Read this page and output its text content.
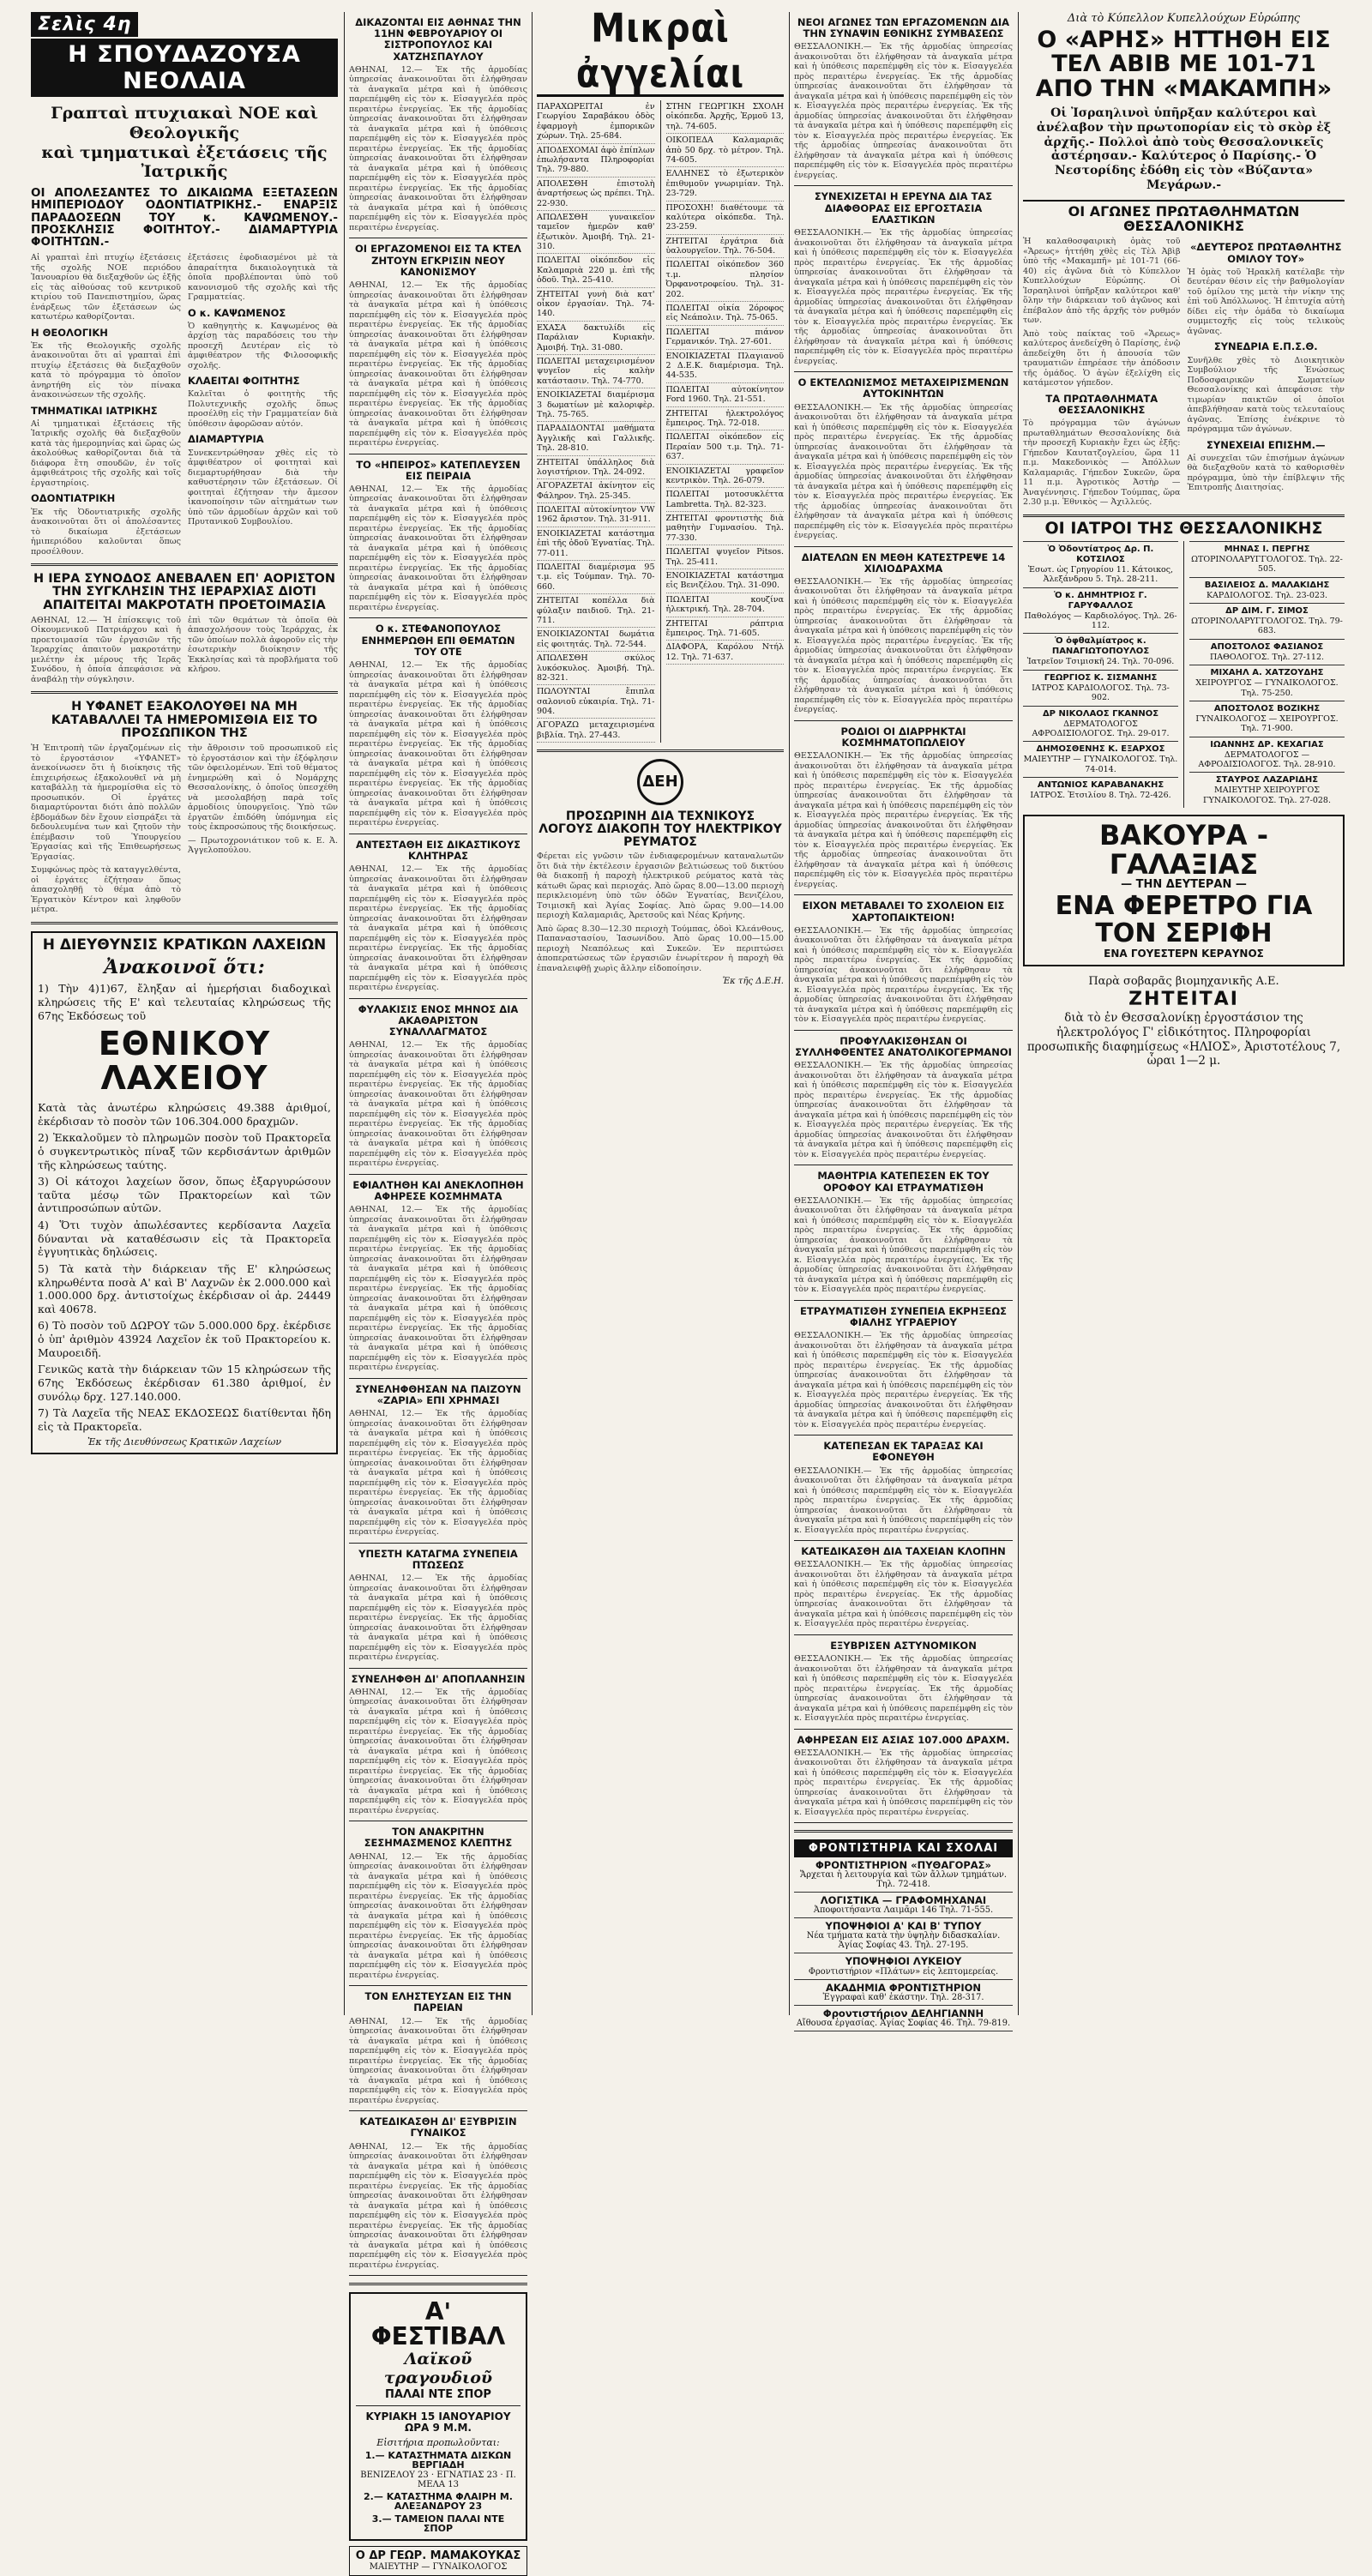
Σελὶς 4η
Η ΣΠΟΥΔΑΖΟΥΣΑ ΝΕΟΛΑΙΑ
Γραπταὶ πτυχιακαὶ ΝΟΕ καὶ Θεολογικῆς
καὶ τμηματικαὶ ἐξετάσεις τῆς Ἰατρικῆς
ΟΙ ΑΠΟΛΕΣΑΝΤΕΣ ΤΟ ΔΙΚΑΙΩΜΑ ΕΞΕΤΑΣΕΩΝ ΗΜΙΠΕΡΙΟΔΟΥ ΟΔΟΝΤΙΑΤΡΙΚΗΣ.- ΕΝΑΡΞΙΣ ΠΑΡΑΔΟΣΕΩΝ ΤΟΥ κ. ΚΑΨΩΜΕΝΟΥ.- ΠΡΟΣΚΛΗΣΙΣ ΦΟΙΤΗΤΟΥ.- ΔΙΑΜΑΡΤΥΡΙΑ ΦΟΙΤΗΤΩΝ.-
Αἱ γραπταὶ ἐπὶ πτυχίῳ ἐξετάσεις τῆς σχολῆς ΝΟΕ περιόδου Ἰανουαρίου θὰ διεξαχθοῦν ὡς ἑξῆς εἰς τὰς αἰθούσας τοῦ κεντρικοῦ κτιρίου τοῦ Πανεπιστημίου, ὥρας ἐνάρξεως τῶν ἐξετάσεων ὡς κατωτέρω καθορίζονται.
Η ΘΕΟΛΟΓΙΚΗ
Ἐκ τῆς Θεολογικῆς σχολῆς ἀνακοινοῦται ὅτι αἱ γραπταὶ ἐπὶ πτυχίῳ ἐξετάσεις θὰ διεξαχθοῦν κατὰ τὸ πρόγραμμα τὸ ὁποῖον ἀνηρτήθη εἰς τὸν πίνακα ἀνακοινώσεων τῆς σχολῆς.
ΤΜΗΜΑΤΙΚΑΙ ΙΑΤΡΙΚΗΣ
Αἱ τμηματικαὶ ἐξετάσεις τῆς Ἰατρικῆς σχολῆς θὰ διεξαχθοῦν κατὰ τὰς ἡμερομηνίας καὶ ὥρας ὡς ἀκολούθως καθορίζονται διὰ τὰ διάφορα ἔτη σπουδῶν, ἐν τοῖς ἀμφιθεάτροις τῆς σχολῆς καὶ τοῖς ἐργαστηρίοις.
ΟΔΟΝΤΙΑΤΡΙΚΗ
Ἐκ τῆς Ὀδοντιατρικῆς σχολῆς ἀνακοινοῦται ὅτι οἱ ἀπολέσαντες τὸ δικαίωμα ἐξετάσεων ἡμιπεριόδου καλοῦνται ὅπως προσέλθουν.
ἐξετάσεις ἐφοδιασμένοι μὲ τὰ ἀπαραίτητα δικαιολογητικὰ τὰ ὁποῖα προβλέπονται ὑπὸ τοῦ κανονισμοῦ τῆς σχολῆς καὶ τῆς Γραμματείας.
Ο κ. ΚΑΨΩΜΕΝΟΣ
Ὁ καθηγητὴς κ. Καψωμένος θὰ ἀρχίσῃ τὰς παραδόσεις του τὴν προσεχῆ Δευτέραν εἰς τὸ ἀμφιθέατρον τῆς Φιλοσοφικῆς σχολῆς.
ΚΛΑΕΙΤΑΙ ΦΟΙΤΗΤΗΣ
Καλεῖται ὁ φοιτητὴς τῆς Πολυτεχνικῆς σχολῆς ὅπως προσέλθῃ εἰς τὴν Γραμματείαν διὰ ὑπόθεσιν ἀφορῶσαν αὐτόν.
ΔΙΑΜΑΡΤΥΡΙΑ
Συνεκεντρώθησαν χθὲς εἰς τὸ ἀμφιθέατρον οἱ φοιτηταὶ καὶ διεμαρτυρήθησαν διὰ τὴν καθυστέρησιν τῶν ἐξετάσεων. Οἱ φοιτηταὶ ἐζήτησαν τὴν ἄμεσον ἱκανοποίησιν τῶν αἰτημάτων των ὑπὸ τῶν ἁρμοδίων ἀρχῶν καὶ τοῦ Πρυτανικοῦ Συμβουλίου.
Η ΙΕΡΑ ΣΥΝΟΔΟΣ ΑΝΕΒΑΛΕΝ ΕΠ' ΑΟΡΙΣΤΟΝ ΤΗΝ ΣΥΓΚΛΗΣΙΝ ΤΗΣ ΙΕΡΑΡΧΙΑΣ ΔΙΟΤΙ ΑΠΑΙΤΕΙΤΑΙ ΜΑΚΡΟΤΑΤΗ ΠΡΟΕΤΟΙΜΑΣΙΑ
ΑΘΗΝΑΙ, 12.— Ἡ ἐπίσκεψις τοῦ Οἰκουμενικοῦ Πατριάρχου καὶ ἡ προετοιμασία τῶν ἐργασιῶν τῆς Ἱεραρχίας ἀπαιτοῦν μακροτάτην μελέτην ἐκ μέρους τῆς Ἱερᾶς Συνόδου, ἡ ὁποία ἀπεφάσισε νὰ ἀναβάλῃ τὴν σύγκλησιν.
ἐπὶ τῶν θεμάτων τὰ ὁποῖα θὰ ἀπασχολήσουν τοὺς Ἱεράρχας, ἐκ τῶν ὁποίων πολλὰ ἀφοροῦν εἰς τὴν ἐσωτερικὴν διοίκησιν τῆς Ἐκκλησίας καὶ τὰ προβλήματα τοῦ κλήρου.
Η ΥΦΑΝΕΤ ΕΞΑΚΟΛΟΥΘΕΙ ΝΑ ΜΗ ΚΑΤΑΒΑΛΛΕΙ ΤΑ ΗΜΕΡΟΜΙΣΘΙΑ ΕΙΣ ΤΟ ΠΡΟΣΩΠΙΚΟΝ ΤΗΣ
Ἡ Ἐπιτροπὴ τῶν ἐργαζομένων εἰς τὸ ἐργοστάσιον «ΥΦΑΝΕΤ» ἀνεκοίνωσεν ὅτι ἡ διοίκησις τῆς ἐπιχειρήσεως ἐξακολουθεῖ νὰ μὴ καταβάλλῃ τὰ ἡμερομίσθια εἰς τὸ προσωπικόν. Οἱ ἐργάτες διαμαρτύρονται διότι ἀπὸ πολλῶν ἑβδομάδων δὲν ἔχουν εἰσπράξει τὰ δεδουλευμένα των καὶ ζητοῦν τὴν ἐπέμβασιν τοῦ Ὑπουργείου Ἐργασίας καὶ τῆς Ἐπιθεωρήσεως Ἐργασίας.
Συμφώνως πρὸς τὰ καταγγελθέντα, οἱ ἐργάτες ἐζήτησαν ὅπως ἀπασχοληθῇ τὸ θέμα ἀπὸ τὸ Ἐργατικὸν Κέντρον καὶ ληφθοῦν μέτρα.
τὴν ἄθροισιν τοῦ προσωπικοῦ εἰς τὸ ἐργοστάσιον καὶ τὴν ἐξόφλησιν τῶν ὀφειλομένων. Ἐπὶ τοῦ θέματος ἐνημερώθη καὶ ὁ Νομάρχης Θεσσαλονίκης, ὁ ὁποῖος ὑπεσχέθη νὰ μεσολαβήσῃ παρὰ τοῖς ἁρμοδίοις ὑπουργεῖοις. Ὑπὸ τῶν ἐργατῶν ἐπιδόθη ὑπόμνημα εἰς τοὺς ἐκπροσώπους τῆς διοικήσεως.
— Πρωτοχρονιάτικον τοῦ κ. Ε. Ἀ. Ἀγγελοπούλου.
Η ΔΙΕΥΘΥΝΣΙΣ ΚΡΑΤΙΚΩΝ ΛΑΧΕΙΩΝ
Ἀνακοινοῖ ὅτι:
1) Τὴν 4)1)67, ἔληξαν αἱ ἡμερήσιαι διαδοχικαὶ κληρώσεις τῆς Ε' καὶ τελευταίας κληρώσεως τῆς 67ης Ἐκδόσεως τοῦ
ΕΘΝΙΚΟΥ ΛΑΧΕΙΟΥ
Κατὰ τὰς ἀνωτέρω κληρώσεις 49.388 ἀριθμοί, ἐκέρδισαν τὸ ποσὸν τῶν 106.304.000 δραχμῶν.
2) Ἐκκαλοῦμεν τὸ πληρωμῶν ποσὸν τοῦ Πρακτορεῖα ὁ συγκεντρωτικὸς πίναξ τῶν κερδισάντων ἀριθμῶν τῆς κληρώσεως ταύτης.
3) Οἱ κάτοχοι λαχείων ὅσον, ὅπως ἐξαργυρώσουν ταῦτα μέσῳ τῶν Πρακτορείων καὶ τῶν ἀντιπροσώπων αὐτῶν.
4) Ὅτι τυχὸν ἀπωλέσαντες κερδίσαντα Λαχεῖα δύνανται νὰ καταθέσωσιν εἰς τὰ Πρακτορεῖα ἐγγυητικὰς δηλώσεις.
5) Τὰ κατὰ τὴν διάρκειαν τῆς Ε' κληρώσεως κληρωθέντα ποσὰ Α' καὶ Β' Λαχνῶν ἐκ 2.000.000 καὶ 1.000.000 δρχ. ἀντιστοίχως ἐκέρδισαν οἱ ἀρ. 24449 καὶ 40678.
6) Τὸ ποσὸν τοῦ ΔΩΡΟΥ τῶν 5.000.000 δρχ. ἐκέρδισε ὁ ὑπ' ἀριθμὸν 43924 Λαχεῖον ἐκ τοῦ Πρακτορείου κ. Μαυροειδῆ.
Γενικῶς κατὰ τὴν διάρκειαν τῶν 15 κληρώσεων τῆς 67ης Ἐκδόσεως ἐκέρδισαν 61.380 ἀριθμοί, ἐν συνόλῳ δρχ. 127.140.000.
7) Τὰ Λαχεῖα τῆς ΝΕΑΣ ΕΚΔΟΣΕΩΣ διατίθενται ἤδη εἰς τὰ Πρακτορεῖα.
Ἐκ τῆς Διευθύνσεως Κρατικῶν Λαχείων
ΔΙΚΑΖΟΝΤΑΙ ΕΙΣ ΑΘΗΝΑΣ ΤΗΝ 11ΗΝ ΦΕΒΡΟΥΑΡΙΟΥ ΟΙ ΣΙΣΤΡΟΠΟΥΛΟΣ ΚΑΙ ΧΑΤΖΗΣΠΑΥΛΟΥ
ΑΘΗΝΑΙ, 12.— Ἐκ τῆς ἀρμοδίας ὑπηρεσίας ἀνακοινοῦται ὅτι ἐλήφθησαν τὰ ἀναγκαῖα μέτρα καὶ ἡ ὑπόθεσις παρεπέμφθη εἰς τὸν κ. Εἰσαγγελέα πρὸς περαιτέρω ἐνεργείας. Ἐκ τῆς ἀρμοδίας ὑπηρεσίας ἀνακοινοῦται ὅτι ἐλήφθησαν τὰ ἀναγκαῖα μέτρα καὶ ἡ ὑπόθεσις παρεπέμφθη εἰς τὸν κ. Εἰσαγγελέα πρὸς περαιτέρω ἐνεργείας. Ἐκ τῆς ἀρμοδίας ὑπηρεσίας ἀνακοινοῦται ὅτι ἐλήφθησαν τὰ ἀναγκαῖα μέτρα καὶ ἡ ὑπόθεσις παρεπέμφθη εἰς τὸν κ. Εἰσαγγελέα πρὸς περαιτέρω ἐνεργείας. Ἐκ τῆς ἀρμοδίας ὑπηρεσίας ἀνακοινοῦται ὅτι ἐλήφθησαν τὰ ἀναγκαῖα μέτρα καὶ ἡ ὑπόθεσις παρεπέμφθη εἰς τὸν κ. Εἰσαγγελέα πρὸς περαιτέρω ἐνεργείας.
ΟΙ ΕΡΓΑΖΟΜΕΝΟΙ ΕΙΣ ΤΑ ΚΤΕΛ ΖΗΤΟΥΝ ΕΓΚΡΙΣΙΝ ΝΕΟΥ ΚΑΝΟΝΙΣΜΟΥ
ΑΘΗΝΑΙ, 12.— Ἐκ τῆς ἀρμοδίας ὑπηρεσίας ἀνακοινοῦται ὅτι ἐλήφθησαν τὰ ἀναγκαῖα μέτρα καὶ ἡ ὑπόθεσις παρεπέμφθη εἰς τὸν κ. Εἰσαγγελέα πρὸς περαιτέρω ἐνεργείας. Ἐκ τῆς ἀρμοδίας ὑπηρεσίας ἀνακοινοῦται ὅτι ἐλήφθησαν τὰ ἀναγκαῖα μέτρα καὶ ἡ ὑπόθεσις παρεπέμφθη εἰς τὸν κ. Εἰσαγγελέα πρὸς περαιτέρω ἐνεργείας. Ἐκ τῆς ἀρμοδίας ὑπηρεσίας ἀνακοινοῦται ὅτι ἐλήφθησαν τὰ ἀναγκαῖα μέτρα καὶ ἡ ὑπόθεσις παρεπέμφθη εἰς τὸν κ. Εἰσαγγελέα πρὸς περαιτέρω ἐνεργείας. Ἐκ τῆς ἀρμοδίας ὑπηρεσίας ἀνακοινοῦται ὅτι ἐλήφθησαν τὰ ἀναγκαῖα μέτρα καὶ ἡ ὑπόθεσις παρεπέμφθη εἰς τὸν κ. Εἰσαγγελέα πρὸς περαιτέρω ἐνεργείας.
ΤΟ «ΗΠΕΙΡΟΣ» ΚΑΤΕΠΛΕΥΣΕΝ ΕΙΣ ΠΕΙΡΑΙΑ
ΑΘΗΝΑΙ, 12.— Ἐκ τῆς ἀρμοδίας ὑπηρεσίας ἀνακοινοῦται ὅτι ἐλήφθησαν τὰ ἀναγκαῖα μέτρα καὶ ἡ ὑπόθεσις παρεπέμφθη εἰς τὸν κ. Εἰσαγγελέα πρὸς περαιτέρω ἐνεργείας. Ἐκ τῆς ἀρμοδίας ὑπηρεσίας ἀνακοινοῦται ὅτι ἐλήφθησαν τὰ ἀναγκαῖα μέτρα καὶ ἡ ὑπόθεσις παρεπέμφθη εἰς τὸν κ. Εἰσαγγελέα πρὸς περαιτέρω ἐνεργείας. Ἐκ τῆς ἀρμοδίας ὑπηρεσίας ἀνακοινοῦται ὅτι ἐλήφθησαν τὰ ἀναγκαῖα μέτρα καὶ ἡ ὑπόθεσις παρεπέμφθη εἰς τὸν κ. Εἰσαγγελέα πρὸς περαιτέρω ἐνεργείας.
Ο κ. ΣΤΕΦΑΝΟΠΟΥΛΟΣ ΕΝΗΜΕΡΩΘΗ ΕΠΙ ΘΕΜΑΤΩΝ ΤΟΥ ΟΤΕ
ΑΘΗΝΑΙ, 12.— Ἐκ τῆς ἀρμοδίας ὑπηρεσίας ἀνακοινοῦται ὅτι ἐλήφθησαν τὰ ἀναγκαῖα μέτρα καὶ ἡ ὑπόθεσις παρεπέμφθη εἰς τὸν κ. Εἰσαγγελέα πρὸς περαιτέρω ἐνεργείας. Ἐκ τῆς ἀρμοδίας ὑπηρεσίας ἀνακοινοῦται ὅτι ἐλήφθησαν τὰ ἀναγκαῖα μέτρα καὶ ἡ ὑπόθεσις παρεπέμφθη εἰς τὸν κ. Εἰσαγγελέα πρὸς περαιτέρω ἐνεργείας. Ἐκ τῆς ἀρμοδίας ὑπηρεσίας ἀνακοινοῦται ὅτι ἐλήφθησαν τὰ ἀναγκαῖα μέτρα καὶ ἡ ὑπόθεσις παρεπέμφθη εἰς τὸν κ. Εἰσαγγελέα πρὸς περαιτέρω ἐνεργείας. Ἐκ τῆς ἀρμοδίας ὑπηρεσίας ἀνακοινοῦται ὅτι ἐλήφθησαν τὰ ἀναγκαῖα μέτρα καὶ ἡ ὑπόθεσις παρεπέμφθη εἰς τὸν κ. Εἰσαγγελέα πρὸς περαιτέρω ἐνεργείας.
ΑΝΤΕΣΤΑΘΗ ΕΙΣ ΔΙΚΑΣΤΙΚΟΥΣ ΚΛΗΤΗΡΑΣ
ΑΘΗΝΑΙ, 12.— Ἐκ τῆς ἀρμοδίας ὑπηρεσίας ἀνακοινοῦται ὅτι ἐλήφθησαν τὰ ἀναγκαῖα μέτρα καὶ ἡ ὑπόθεσις παρεπέμφθη εἰς τὸν κ. Εἰσαγγελέα πρὸς περαιτέρω ἐνεργείας. Ἐκ τῆς ἀρμοδίας ὑπηρεσίας ἀνακοινοῦται ὅτι ἐλήφθησαν τὰ ἀναγκαῖα μέτρα καὶ ἡ ὑπόθεσις παρεπέμφθη εἰς τὸν κ. Εἰσαγγελέα πρὸς περαιτέρω ἐνεργείας. Ἐκ τῆς ἀρμοδίας ὑπηρεσίας ἀνακοινοῦται ὅτι ἐλήφθησαν τὰ ἀναγκαῖα μέτρα καὶ ἡ ὑπόθεσις παρεπέμφθη εἰς τὸν κ. Εἰσαγγελέα πρὸς περαιτέρω ἐνεργείας.
ΦΥΛΑΚΙΣΙΣ ΕΝΟΣ ΜΗΝΟΣ ΔΙΑ ΑΚΑΘΑΡΙΣΤΟΝ ΣΥΝΑΛΛΑΓΜΑΤΟΣ
ΑΘΗΝΑΙ, 12.— Ἐκ τῆς ἀρμοδίας ὑπηρεσίας ἀνακοινοῦται ὅτι ἐλήφθησαν τὰ ἀναγκαῖα μέτρα καὶ ἡ ὑπόθεσις παρεπέμφθη εἰς τὸν κ. Εἰσαγγελέα πρὸς περαιτέρω ἐνεργείας. Ἐκ τῆς ἀρμοδίας ὑπηρεσίας ἀνακοινοῦται ὅτι ἐλήφθησαν τὰ ἀναγκαῖα μέτρα καὶ ἡ ὑπόθεσις παρεπέμφθη εἰς τὸν κ. Εἰσαγγελέα πρὸς περαιτέρω ἐνεργείας. Ἐκ τῆς ἀρμοδίας ὑπηρεσίας ἀνακοινοῦται ὅτι ἐλήφθησαν τὰ ἀναγκαῖα μέτρα καὶ ἡ ὑπόθεσις παρεπέμφθη εἰς τὸν κ. Εἰσαγγελέα πρὸς περαιτέρω ἐνεργείας.
ΕΦΙΑΛΤΗΘΗ ΚΑΙ ΑΝΕΚΛΟΠΗΘΗ ΑΦΗΡΕΣΕ ΚΟΣΜΗΜΑΤΑ
ΑΘΗΝΑΙ, 12.— Ἐκ τῆς ἀρμοδίας ὑπηρεσίας ἀνακοινοῦται ὅτι ἐλήφθησαν τὰ ἀναγκαῖα μέτρα καὶ ἡ ὑπόθεσις παρεπέμφθη εἰς τὸν κ. Εἰσαγγελέα πρὸς περαιτέρω ἐνεργείας. Ἐκ τῆς ἀρμοδίας ὑπηρεσίας ἀνακοινοῦται ὅτι ἐλήφθησαν τὰ ἀναγκαῖα μέτρα καὶ ἡ ὑπόθεσις παρεπέμφθη εἰς τὸν κ. Εἰσαγγελέα πρὸς περαιτέρω ἐνεργείας. Ἐκ τῆς ἀρμοδίας ὑπηρεσίας ἀνακοινοῦται ὅτι ἐλήφθησαν τὰ ἀναγκαῖα μέτρα καὶ ἡ ὑπόθεσις παρεπέμφθη εἰς τὸν κ. Εἰσαγγελέα πρὸς περαιτέρω ἐνεργείας. Ἐκ τῆς ἀρμοδίας ὑπηρεσίας ἀνακοινοῦται ὅτι ἐλήφθησαν τὰ ἀναγκαῖα μέτρα καὶ ἡ ὑπόθεσις παρεπέμφθη εἰς τὸν κ. Εἰσαγγελέα πρὸς περαιτέρω ἐνεργείας.
ΣΥΝΕΛΗΦΘΗΣΑΝ ΝΑ ΠΑΙΖΟΥΝ «ΖΑΡΙΑ» ΕΠΙ ΧΡΗΜΑΣΙ
ΑΘΗΝΑΙ, 12.— Ἐκ τῆς ἀρμοδίας ὑπηρεσίας ἀνακοινοῦται ὅτι ἐλήφθησαν τὰ ἀναγκαῖα μέτρα καὶ ἡ ὑπόθεσις παρεπέμφθη εἰς τὸν κ. Εἰσαγγελέα πρὸς περαιτέρω ἐνεργείας. Ἐκ τῆς ἀρμοδίας ὑπηρεσίας ἀνακοινοῦται ὅτι ἐλήφθησαν τὰ ἀναγκαῖα μέτρα καὶ ἡ ὑπόθεσις παρεπέμφθη εἰς τὸν κ. Εἰσαγγελέα πρὸς περαιτέρω ἐνεργείας. Ἐκ τῆς ἀρμοδίας ὑπηρεσίας ἀνακοινοῦται ὅτι ἐλήφθησαν τὰ ἀναγκαῖα μέτρα καὶ ἡ ὑπόθεσις παρεπέμφθη εἰς τὸν κ. Εἰσαγγελέα πρὸς περαιτέρω ἐνεργείας.
ΥΠΕΣΤΗ ΚΑΤΑΓΜΑ ΣΥΝΕΠΕΙΑ ΠΤΩΣΕΩΣ
ΑΘΗΝΑΙ, 12.— Ἐκ τῆς ἀρμοδίας ὑπηρεσίας ἀνακοινοῦται ὅτι ἐλήφθησαν τὰ ἀναγκαῖα μέτρα καὶ ἡ ὑπόθεσις παρεπέμφθη εἰς τὸν κ. Εἰσαγγελέα πρὸς περαιτέρω ἐνεργείας. Ἐκ τῆς ἀρμοδίας ὑπηρεσίας ἀνακοινοῦται ὅτι ἐλήφθησαν τὰ ἀναγκαῖα μέτρα καὶ ἡ ὑπόθεσις παρεπέμφθη εἰς τὸν κ. Εἰσαγγελέα πρὸς περαιτέρω ἐνεργείας.
ΣΥΝΕΛΗΦΘΗ ΔΙ' ΑΠΟΠΛΑΝΗΣΙΝ
ΑΘΗΝΑΙ, 12.— Ἐκ τῆς ἀρμοδίας ὑπηρεσίας ἀνακοινοῦται ὅτι ἐλήφθησαν τὰ ἀναγκαῖα μέτρα καὶ ἡ ὑπόθεσις παρεπέμφθη εἰς τὸν κ. Εἰσαγγελέα πρὸς περαιτέρω ἐνεργείας. Ἐκ τῆς ἀρμοδίας ὑπηρεσίας ἀνακοινοῦται ὅτι ἐλήφθησαν τὰ ἀναγκαῖα μέτρα καὶ ἡ ὑπόθεσις παρεπέμφθη εἰς τὸν κ. Εἰσαγγελέα πρὸς περαιτέρω ἐνεργείας. Ἐκ τῆς ἀρμοδίας ὑπηρεσίας ἀνακοινοῦται ὅτι ἐλήφθησαν τὰ ἀναγκαῖα μέτρα καὶ ἡ ὑπόθεσις παρεπέμφθη εἰς τὸν κ. Εἰσαγγελέα πρὸς περαιτέρω ἐνεργείας.
ΤΟΝ ΑΝΑΚΡΙΤΗΝ ΣΕΣΗΜΑΣΜΕΝΟΣ ΚΛΕΠΤΗΣ
ΑΘΗΝΑΙ, 12.— Ἐκ τῆς ἀρμοδίας ὑπηρεσίας ἀνακοινοῦται ὅτι ἐλήφθησαν τὰ ἀναγκαῖα μέτρα καὶ ἡ ὑπόθεσις παρεπέμφθη εἰς τὸν κ. Εἰσαγγελέα πρὸς περαιτέρω ἐνεργείας. Ἐκ τῆς ἀρμοδίας ὑπηρεσίας ἀνακοινοῦται ὅτι ἐλήφθησαν τὰ ἀναγκαῖα μέτρα καὶ ἡ ὑπόθεσις παρεπέμφθη εἰς τὸν κ. Εἰσαγγελέα πρὸς περαιτέρω ἐνεργείας. Ἐκ τῆς ἀρμοδίας ὑπηρεσίας ἀνακοινοῦται ὅτι ἐλήφθησαν τὰ ἀναγκαῖα μέτρα καὶ ἡ ὑπόθεσις παρεπέμφθη εἰς τὸν κ. Εἰσαγγελέα πρὸς περαιτέρω ἐνεργείας.
ΤΟΝ ΕΛΗΣΤΕΥΣΑΝ ΕΙΣ ΤΗΝ ΠΑΡΕΙΑΝ
ΑΘΗΝΑΙ, 12.— Ἐκ τῆς ἀρμοδίας ὑπηρεσίας ἀνακοινοῦται ὅτι ἐλήφθησαν τὰ ἀναγκαῖα μέτρα καὶ ἡ ὑπόθεσις παρεπέμφθη εἰς τὸν κ. Εἰσαγγελέα πρὸς περαιτέρω ἐνεργείας. Ἐκ τῆς ἀρμοδίας ὑπηρεσίας ἀνακοινοῦται ὅτι ἐλήφθησαν τὰ ἀναγκαῖα μέτρα καὶ ἡ ὑπόθεσις παρεπέμφθη εἰς τὸν κ. Εἰσαγγελέα πρὸς περαιτέρω ἐνεργείας.
ΚΑΤΕΔΙΚΑΣΘΗ ΔΙ' ΕΞΥΒΡΙΣΙΝ ΓΥΝΑΙΚΟΣ
ΑΘΗΝΑΙ, 12.— Ἐκ τῆς ἀρμοδίας ὑπηρεσίας ἀνακοινοῦται ὅτι ἐλήφθησαν τὰ ἀναγκαῖα μέτρα καὶ ἡ ὑπόθεσις παρεπέμφθη εἰς τὸν κ. Εἰσαγγελέα πρὸς περαιτέρω ἐνεργείας. Ἐκ τῆς ἀρμοδίας ὑπηρεσίας ἀνακοινοῦται ὅτι ἐλήφθησαν τὰ ἀναγκαῖα μέτρα καὶ ἡ ὑπόθεσις παρεπέμφθη εἰς τὸν κ. Εἰσαγγελέα πρὸς περαιτέρω ἐνεργείας. Ἐκ τῆς ἀρμοδίας ὑπηρεσίας ἀνακοινοῦται ὅτι ἐλήφθησαν τὰ ἀναγκαῖα μέτρα καὶ ἡ ὑπόθεσις παρεπέμφθη εἰς τὸν κ. Εἰσαγγελέα πρὸς περαιτέρω ἐνεργείας.
Α' ΦΕΣΤΙΒΑΛ
Λαϊκοῦ τραγουδιοῦ
ΠΑΛΑΙ ΝΤΕ ΣΠΟΡ
ΚΥΡΙΑΚΗ 15 ΙΑΝΟΥΑΡΙΟΥ
ΩΡΑ 9 Μ.Μ.
Εἰσιτήρια προπωλοῦνται:
1.— ΚΑΤΑΣΤΗΜΑΤΑ ΔΙΣΚΩΝ ΒΕΡΓΙΑΔΗ
ΒΕΝΙΖΕΛΟΥ 23 · ΕΓΝΑΤΙΑΣ 23 · Π. ΜΕΛΑ 13
2.— ΚΑΤΑΣΤΗΜΑ ΦΛΑΙΡΗ Μ. ΑΛΕΞΑΝΔΡΟΥ 23
3.— ΤΑΜΕΙΟΝ ΠΑΛΑΙ ΝΤΕ ΣΠΟΡ
Ο ΔΡ ΓΕΩΡ. ΜΑΜΑΚΟΥΚΑΣ
ΜΑΙΕΥΤΗΡ — ΓΥΝΑΙΚΟΛΟΓΟΣ
Μικραὶ ἀγγελίαι
ΠΑΡΑΧΩΡΕΙΤΑΙ ἐν Γεωργίου Σαραβάκου ὁδὸς ἐφαρμογὴ ἐμπορικῶν χώρων. Τηλ. 25-684.
ΑΠΟΔΕΧΟΜΑΙ ἀφὸ ἐπίπλων ἐπωλήσαντα Πληροφορίαι Τηλ. 79-880.
ΑΠΟΛΕΣΘΗ ἐπιστολὴ ἀναρτήσεως ὡς πρέπει. Τηλ. 22-930.
ΑΠΩΛΕΣΘΗ γυναικεῖον ταμεῖον ἡμερῶν καθ' ἐξωτικὸν. Ἀμοιβή. Τηλ. 21-310.
ΠΩΛΕΙΤΑΙ οἰκόπεδον εἰς Καλαμαριὰ 220 μ. ἐπὶ τῆς ὁδοῦ. Τηλ. 25-410.
ΖΗΤΕΙΤΑΙ γυνὴ διὰ κατ' οἶκον ἐργασίαν. Τηλ. 74-140.
ΕΧΑΣΑ δακτυλίδι εἰς Παράλιαν Κυριακὴν. Ἀμοιβή. Τηλ. 31-080.
ΠΩΛΕΙΤΑΙ μεταχειρισμένον ψυγεῖον εἰς καλὴν κατάστασιν. Τηλ. 74-770.
ΕΝΟΙΚΙΑΖΕΤΑΙ διαμέρισμα 3 δωματίων μὲ καλοριφὲρ. Τηλ. 75-765.
ΠΑΡΑΔΙΔΟΝΤΑΙ μαθήματα Ἀγγλικῆς καὶ Γαλλικῆς. Τηλ. 28-810.
ΖΗΤΕΙΤΑΙ ὑπάλληλος διὰ λογιστήριον. Τηλ. 24-092.
ΑΓΟΡΑΖΕΤΑΙ ἀκίνητον εἰς Φάληρον. Τηλ. 25-345.
ΠΩΛΕΙΤΑΙ αὐτοκίνητον VW 1962 ἄριστον. Τηλ. 31-911.
ΕΝΟΙΚΙΑΖΕΤΑΙ κατάστημα ἐπὶ τῆς ὁδοῦ Ἐγνατίας. Τηλ. 77-011.
ΠΩΛΕΙΤΑΙ διαμέρισμα 95 τ.μ. εἰς Τούμπαν. Τηλ. 70-660.
ΖΗΤΕΙΤΑΙ κοπέλλα διὰ φύλαξιν παιδιοῦ. Τηλ. 21-711.
ΕΝΟΙΚΙΑΖΟΝΤΑΙ δωμάτια εἰς φοιτητάς. Τηλ. 72-544.
ΑΠΩΛΕΣΘΗ σκύλος λυκόσκυλος. Ἀμοιβή. Τηλ. 82-321.
ΠΩΛΟΥΝΤΑΙ ἔπιπλα σαλονιοῦ εὐκαιρία. Τηλ. 71-904.
ΑΓΟΡΑΖΩ μεταχειρισμένα βιβλία. Τηλ. 27-443.
ΣΤΗΝ ΓΕΩΡΓΙΚΗ ΣΧΟΛΗ οἰκόπεδα. Ἀρχῆς, Ἑρμοῦ 13, τηλ. 74-605.
ΟΙΚΟΠΕΔΑ Καλαμαριᾶς ἀπὸ 50 δρχ. τὸ μέτρον. Τηλ. 74-605.
ΕΛΛΗΝΕΣ τὸ ἐξωτερικὸν ἐπιθυμοῦν γνωριμίαν. Τηλ. 23-729.
ΠΡΟΣΟΧΗ! διαθέτουμε τὰ καλύτερα οἰκόπεδα. Τηλ. 23-259.
ΖΗΤΕΙΤΑΙ ἐργάτρια διὰ ὑαλουργεῖον. Τηλ. 76-504.
ΠΩΛΕΙΤΑΙ οἰκόπεδον 360 τ.μ. πλησίον Ὀρφανοτροφείου. Τηλ. 31-202.
ΠΩΛΕΙΤΑΙ οἰκία 2όροφος εἰς Νεάπολιν. Τηλ. 75-065.
ΠΩΛΕΙΤΑΙ πιάνον Γερμανικόν. Τηλ. 27-601.
ΕΝΟΙΚΙΑΖΕΤΑΙ Πλαγιανοῦ 2 Δ.Ε.Κ. διαμέρισμα. Τηλ. 44-535.
ΠΩΛΕΙΤΑΙ αὐτοκίνητον Ford 1960. Τηλ. 21-551.
ΖΗΤΕΙΤΑΙ ἡλεκτρολόγος ἔμπειρος. Τηλ. 72-018.
ΠΩΛΕΙΤΑΙ οἰκόπεδον εἰς Περαίαν 500 τ.μ. Τηλ. 71-637.
ΕΝΟΙΚΙΑΖΕΤΑΙ γραφεῖον κεντρικὸν. Τηλ. 26-079.
ΠΩΛΕΙΤΑΙ μοτοσυκλέττα Lambretta. Τηλ. 82-323.
ΖΗΤΕΙΤΑΙ φροντιστὴς διὰ μαθητὴν Γυμνασίου. Τηλ. 77-330.
ΠΩΛΕΙΤΑΙ ψυγεῖον Pitsos. Τηλ. 25-411.
ΕΝΟΙΚΙΑΖΕΤΑΙ κατάστημα εἰς Βενιζέλου. Τηλ. 31-090.
ΠΩΛΕΙΤΑΙ κουζίνα ἠλεκτρική. Τηλ. 28-704.
ΖΗΤΕΙΤΑΙ ράπτρια ἔμπειρος. Τηλ. 71-605.
ΔΙΑΦΟΡΑ, Καρόλου Ντήλ 12. Τηλ. 71-637.
ΔΕΗ
ΠΡΟΣΩΡΙΝΗ ΔΙΑ ΤΕΧΝΙΚΟΥΣ ΛΟΓΟΥΣ ΔΙΑΚΟΠΗ ΤΟΥ ΗΛΕΚΤΡΙΚΟΥ ΡΕΥΜΑΤΟΣ
Φέρεται εἰς γνῶσιν τῶν ἐνδιαφερομένων καταναλωτῶν ὅτι διὰ τὴν ἐκτέλεσιν ἐργασιῶν βελτιώσεως τοῦ δικτύου θὰ διακοπῇ ἡ παροχὴ ἠλεκτρικοῦ ρεύματος κατὰ τὰς κάτωθι ὥρας καὶ περιοχάς. Ἀπὸ ὥρας 8.00—13.00 περιοχὴ περικλειομένη ὑπὸ τῶν ὁδῶν Ἐγνατίας, Βενιζέλου, Τσιμισκῆ καὶ Ἁγίας Σοφίας. Ἀπὸ ὥρας 9.00—14.00 περιοχὴ Καλαμαριᾶς, Ἀρετσοῦς καὶ Νέας Κρήνης.
Ἀπὸ ὥρας 8.30—12.30 περιοχὴ Τούμπας, ὁδοὶ Κλεάνθους, Παπαναστασίου, Ἰασωνίδου. Ἀπὸ ὥρας 10.00—15.00 περιοχὴ Νεαπόλεως καὶ Συκεῶν. Ἐν περιπτώσει ἀποπερατώσεως τῶν ἐργασιῶν ἐνωρίτερον ἡ παροχὴ θὰ ἐπαναλειφθῇ χωρὶς ἄλλην εἰδοποίησιν.
Ἐκ τῆς Δ.Ε.Η.
ΝΕΟΙ ΑΓΩΝΕΣ ΤΩΝ ΕΡΓΑΖΟΜΕΝΩΝ ΔΙΑ ΤΗΝ ΣΥΝΑΨΙΝ ΕΘΝΙΚΗΣ ΣΥΜΒΑΣΕΩΣ
ΘΕΣΣΑΛΟΝΙΚΗ.— Ἐκ τῆς ἀρμοδίας ὑπηρεσίας ἀνακοινοῦται ὅτι ἐλήφθησαν τὰ ἀναγκαῖα μέτρα καὶ ἡ ὑπόθεσις παρεπέμφθη εἰς τὸν κ. Εἰσαγγελέα πρὸς περαιτέρω ἐνεργείας. Ἐκ τῆς ἀρμοδίας ὑπηρεσίας ἀνακοινοῦται ὅτι ἐλήφθησαν τὰ ἀναγκαῖα μέτρα καὶ ἡ ὑπόθεσις παρεπέμφθη εἰς τὸν κ. Εἰσαγγελέα πρὸς περαιτέρω ἐνεργείας. Ἐκ τῆς ἀρμοδίας ὑπηρεσίας ἀνακοινοῦται ὅτι ἐλήφθησαν τὰ ἀναγκαῖα μέτρα καὶ ἡ ὑπόθεσις παρεπέμφθη εἰς τὸν κ. Εἰσαγγελέα πρὸς περαιτέρω ἐνεργείας. Ἐκ τῆς ἀρμοδίας ὑπηρεσίας ἀνακοινοῦται ὅτι ἐλήφθησαν τὰ ἀναγκαῖα μέτρα καὶ ἡ ὑπόθεσις παρεπέμφθη εἰς τὸν κ. Εἰσαγγελέα πρὸς περαιτέρω ἐνεργείας.
ΣΥΝΕΧΙΖΕΤΑΙ Η ΕΡΕΥΝΑ ΔΙΑ ΤΑΣ ΔΙΑΦΘΟΡΑΣ ΕΙΣ ΕΡΓΟΣΤΑΣΙΑ ΕΛΑΣΤΙΚΩΝ
ΘΕΣΣΑΛΟΝΙΚΗ.— Ἐκ τῆς ἀρμοδίας ὑπηρεσίας ἀνακοινοῦται ὅτι ἐλήφθησαν τὰ ἀναγκαῖα μέτρα καὶ ἡ ὑπόθεσις παρεπέμφθη εἰς τὸν κ. Εἰσαγγελέα πρὸς περαιτέρω ἐνεργείας. Ἐκ τῆς ἀρμοδίας ὑπηρεσίας ἀνακοινοῦται ὅτι ἐλήφθησαν τὰ ἀναγκαῖα μέτρα καὶ ἡ ὑπόθεσις παρεπέμφθη εἰς τὸν κ. Εἰσαγγελέα πρὸς περαιτέρω ἐνεργείας. Ἐκ τῆς ἀρμοδίας ὑπηρεσίας ἀνακοινοῦται ὅτι ἐλήφθησαν τὰ ἀναγκαῖα μέτρα καὶ ἡ ὑπόθεσις παρεπέμφθη εἰς τὸν κ. Εἰσαγγελέα πρὸς περαιτέρω ἐνεργείας. Ἐκ τῆς ἀρμοδίας ὑπηρεσίας ἀνακοινοῦται ὅτι ἐλήφθησαν τὰ ἀναγκαῖα μέτρα καὶ ἡ ὑπόθεσις παρεπέμφθη εἰς τὸν κ. Εἰσαγγελέα πρὸς περαιτέρω ἐνεργείας.
Ο ΕΚΤΕΛΩΝΙΣΜΟΣ ΜΕΤΑΧΕΙΡΙΣΜΕΝΩΝ ΑΥΤΟΚΙΝΗΤΩΝ
ΘΕΣΣΑΛΟΝΙΚΗ.— Ἐκ τῆς ἀρμοδίας ὑπηρεσίας ἀνακοινοῦται ὅτι ἐλήφθησαν τὰ ἀναγκαῖα μέτρα καὶ ἡ ὑπόθεσις παρεπέμφθη εἰς τὸν κ. Εἰσαγγελέα πρὸς περαιτέρω ἐνεργείας. Ἐκ τῆς ἀρμοδίας ὑπηρεσίας ἀνακοινοῦται ὅτι ἐλήφθησαν τὰ ἀναγκαῖα μέτρα καὶ ἡ ὑπόθεσις παρεπέμφθη εἰς τὸν κ. Εἰσαγγελέα πρὸς περαιτέρω ἐνεργείας. Ἐκ τῆς ἀρμοδίας ὑπηρεσίας ἀνακοινοῦται ὅτι ἐλήφθησαν τὰ ἀναγκαῖα μέτρα καὶ ἡ ὑπόθεσις παρεπέμφθη εἰς τὸν κ. Εἰσαγγελέα πρὸς περαιτέρω ἐνεργείας. Ἐκ τῆς ἀρμοδίας ὑπηρεσίας ἀνακοινοῦται ὅτι ἐλήφθησαν τὰ ἀναγκαῖα μέτρα καὶ ἡ ὑπόθεσις παρεπέμφθη εἰς τὸν κ. Εἰσαγγελέα πρὸς περαιτέρω ἐνεργείας.
ΔΙΑΤΕΛΩΝ ΕΝ ΜΕΘΗ ΚΑΤΕΣΤΡΕΨΕ 14 ΧΙΛΙΟΔΡΑΧΜΑ
ΘΕΣΣΑΛΟΝΙΚΗ.— Ἐκ τῆς ἀρμοδίας ὑπηρεσίας ἀνακοινοῦται ὅτι ἐλήφθησαν τὰ ἀναγκαῖα μέτρα καὶ ἡ ὑπόθεσις παρεπέμφθη εἰς τὸν κ. Εἰσαγγελέα πρὸς περαιτέρω ἐνεργείας. Ἐκ τῆς ἀρμοδίας ὑπηρεσίας ἀνακοινοῦται ὅτι ἐλήφθησαν τὰ ἀναγκαῖα μέτρα καὶ ἡ ὑπόθεσις παρεπέμφθη εἰς τὸν κ. Εἰσαγγελέα πρὸς περαιτέρω ἐνεργείας. Ἐκ τῆς ἀρμοδίας ὑπηρεσίας ἀνακοινοῦται ὅτι ἐλήφθησαν τὰ ἀναγκαῖα μέτρα καὶ ἡ ὑπόθεσις παρεπέμφθη εἰς τὸν κ. Εἰσαγγελέα πρὸς περαιτέρω ἐνεργείας. Ἐκ τῆς ἀρμοδίας ὑπηρεσίας ἀνακοινοῦται ὅτι ἐλήφθησαν τὰ ἀναγκαῖα μέτρα καὶ ἡ ὑπόθεσις παρεπέμφθη εἰς τὸν κ. Εἰσαγγελέα πρὸς περαιτέρω ἐνεργείας.
ΡΟΔΙΟΙ ΟΙ ΔΙΑΡΡΗΚΤΑΙ ΚΟΣΜΗΜΑΤΟΠΩΛΕΙΟΥ
ΘΕΣΣΑΛΟΝΙΚΗ.— Ἐκ τῆς ἀρμοδίας ὑπηρεσίας ἀνακοινοῦται ὅτι ἐλήφθησαν τὰ ἀναγκαῖα μέτρα καὶ ἡ ὑπόθεσις παρεπέμφθη εἰς τὸν κ. Εἰσαγγελέα πρὸς περαιτέρω ἐνεργείας. Ἐκ τῆς ἀρμοδίας ὑπηρεσίας ἀνακοινοῦται ὅτι ἐλήφθησαν τὰ ἀναγκαῖα μέτρα καὶ ἡ ὑπόθεσις παρεπέμφθη εἰς τὸν κ. Εἰσαγγελέα πρὸς περαιτέρω ἐνεργείας. Ἐκ τῆς ἀρμοδίας ὑπηρεσίας ἀνακοινοῦται ὅτι ἐλήφθησαν τὰ ἀναγκαῖα μέτρα καὶ ἡ ὑπόθεσις παρεπέμφθη εἰς τὸν κ. Εἰσαγγελέα πρὸς περαιτέρω ἐνεργείας. Ἐκ τῆς ἀρμοδίας ὑπηρεσίας ἀνακοινοῦται ὅτι ἐλήφθησαν τὰ ἀναγκαῖα μέτρα καὶ ἡ ὑπόθεσις παρεπέμφθη εἰς τὸν κ. Εἰσαγγελέα πρὸς περαιτέρω ἐνεργείας.
ΕΙΧΟΝ ΜΕΤΑΒΑΛΕΙ ΤΟ ΣΧΟΛΕΙΟΝ ΕΙΣ ΧΑΡΤΟΠΑΙΚΤΕΙΟΝ!
ΘΕΣΣΑΛΟΝΙΚΗ.— Ἐκ τῆς ἀρμοδίας ὑπηρεσίας ἀνακοινοῦται ὅτι ἐλήφθησαν τὰ ἀναγκαῖα μέτρα καὶ ἡ ὑπόθεσις παρεπέμφθη εἰς τὸν κ. Εἰσαγγελέα πρὸς περαιτέρω ἐνεργείας. Ἐκ τῆς ἀρμοδίας ὑπηρεσίας ἀνακοινοῦται ὅτι ἐλήφθησαν τὰ ἀναγκαῖα μέτρα καὶ ἡ ὑπόθεσις παρεπέμφθη εἰς τὸν κ. Εἰσαγγελέα πρὸς περαιτέρω ἐνεργείας. Ἐκ τῆς ἀρμοδίας ὑπηρεσίας ἀνακοινοῦται ὅτι ἐλήφθησαν τὰ ἀναγκαῖα μέτρα καὶ ἡ ὑπόθεσις παρεπέμφθη εἰς τὸν κ. Εἰσαγγελέα πρὸς περαιτέρω ἐνεργείας.
ΠΡΟΦΥΛΑΚΙΣΘΗΣΑΝ ΟΙ ΣΥΛΛΗΦΘΕΝΤΕΣ ΑΝΑΤΟΛΙΚΟΓΕΡΜΑΝΟΙ
ΘΕΣΣΑΛΟΝΙΚΗ.— Ἐκ τῆς ἀρμοδίας ὑπηρεσίας ἀνακοινοῦται ὅτι ἐλήφθησαν τὰ ἀναγκαῖα μέτρα καὶ ἡ ὑπόθεσις παρεπέμφθη εἰς τὸν κ. Εἰσαγγελέα πρὸς περαιτέρω ἐνεργείας. Ἐκ τῆς ἀρμοδίας ὑπηρεσίας ἀνακοινοῦται ὅτι ἐλήφθησαν τὰ ἀναγκαῖα μέτρα καὶ ἡ ὑπόθεσις παρεπέμφθη εἰς τὸν κ. Εἰσαγγελέα πρὸς περαιτέρω ἐνεργείας. Ἐκ τῆς ἀρμοδίας ὑπηρεσίας ἀνακοινοῦται ὅτι ἐλήφθησαν τὰ ἀναγκαῖα μέτρα καὶ ἡ ὑπόθεσις παρεπέμφθη εἰς τὸν κ. Εἰσαγγελέα πρὸς περαιτέρω ἐνεργείας.
ΜΑΘΗΤΡΙΑ ΚΑΤΕΠΕΣΕΝ ΕΚ ΤΟΥ ΟΡΟΦΟΥ ΚΑΙ ΕΤΡΑΥΜΑΤΙΣΘΗ
ΘΕΣΣΑΛΟΝΙΚΗ.— Ἐκ τῆς ἀρμοδίας ὑπηρεσίας ἀνακοινοῦται ὅτι ἐλήφθησαν τὰ ἀναγκαῖα μέτρα καὶ ἡ ὑπόθεσις παρεπέμφθη εἰς τὸν κ. Εἰσαγγελέα πρὸς περαιτέρω ἐνεργείας. Ἐκ τῆς ἀρμοδίας ὑπηρεσίας ἀνακοινοῦται ὅτι ἐλήφθησαν τὰ ἀναγκαῖα μέτρα καὶ ἡ ὑπόθεσις παρεπέμφθη εἰς τὸν κ. Εἰσαγγελέα πρὸς περαιτέρω ἐνεργείας. Ἐκ τῆς ἀρμοδίας ὑπηρεσίας ἀνακοινοῦται ὅτι ἐλήφθησαν τὰ ἀναγκαῖα μέτρα καὶ ἡ ὑπόθεσις παρεπέμφθη εἰς τὸν κ. Εἰσαγγελέα πρὸς περαιτέρω ἐνεργείας.
ΕΤΡΑΥΜΑΤΙΣΘΗ ΣΥΝΕΠΕΙΑ ΕΚΡΗΞΕΩΣ ΦΙΑΛΗΣ ΥΓΡΑΕΡΙΟΥ
ΘΕΣΣΑΛΟΝΙΚΗ.— Ἐκ τῆς ἀρμοδίας ὑπηρεσίας ἀνακοινοῦται ὅτι ἐλήφθησαν τὰ ἀναγκαῖα μέτρα καὶ ἡ ὑπόθεσις παρεπέμφθη εἰς τὸν κ. Εἰσαγγελέα πρὸς περαιτέρω ἐνεργείας. Ἐκ τῆς ἀρμοδίας ὑπηρεσίας ἀνακοινοῦται ὅτι ἐλήφθησαν τὰ ἀναγκαῖα μέτρα καὶ ἡ ὑπόθεσις παρεπέμφθη εἰς τὸν κ. Εἰσαγγελέα πρὸς περαιτέρω ἐνεργείας. Ἐκ τῆς ἀρμοδίας ὑπηρεσίας ἀνακοινοῦται ὅτι ἐλήφθησαν τὰ ἀναγκαῖα μέτρα καὶ ἡ ὑπόθεσις παρεπέμφθη εἰς τὸν κ. Εἰσαγγελέα πρὸς περαιτέρω ἐνεργείας.
ΚΑΤΕΠΕΣΑΝ ΕΚ ΤΑΡΑΞΑΣ ΚΑΙ ΕΦΟΝΕΥΘΗ
ΘΕΣΣΑΛΟΝΙΚΗ.— Ἐκ τῆς ἀρμοδίας ὑπηρεσίας ἀνακοινοῦται ὅτι ἐλήφθησαν τὰ ἀναγκαῖα μέτρα καὶ ἡ ὑπόθεσις παρεπέμφθη εἰς τὸν κ. Εἰσαγγελέα πρὸς περαιτέρω ἐνεργείας. Ἐκ τῆς ἀρμοδίας ὑπηρεσίας ἀνακοινοῦται ὅτι ἐλήφθησαν τὰ ἀναγκαῖα μέτρα καὶ ἡ ὑπόθεσις παρεπέμφθη εἰς τὸν κ. Εἰσαγγελέα πρὸς περαιτέρω ἐνεργείας.
ΚΑΤΕΔΙΚΑΣΘΗ ΔΙΑ ΤΑΧΕΙΑΝ ΚΛΟΠΗΝ
ΘΕΣΣΑΛΟΝΙΚΗ.— Ἐκ τῆς ἀρμοδίας ὑπηρεσίας ἀνακοινοῦται ὅτι ἐλήφθησαν τὰ ἀναγκαῖα μέτρα καὶ ἡ ὑπόθεσις παρεπέμφθη εἰς τὸν κ. Εἰσαγγελέα πρὸς περαιτέρω ἐνεργείας. Ἐκ τῆς ἀρμοδίας ὑπηρεσίας ἀνακοινοῦται ὅτι ἐλήφθησαν τὰ ἀναγκαῖα μέτρα καὶ ἡ ὑπόθεσις παρεπέμφθη εἰς τὸν κ. Εἰσαγγελέα πρὸς περαιτέρω ἐνεργείας.
ΕΞΥΒΡΙΣΕΝ ΑΣΤΥΝΟΜΙΚΟΝ
ΘΕΣΣΑΛΟΝΙΚΗ.— Ἐκ τῆς ἀρμοδίας ὑπηρεσίας ἀνακοινοῦται ὅτι ἐλήφθησαν τὰ ἀναγκαῖα μέτρα καὶ ἡ ὑπόθεσις παρεπέμφθη εἰς τὸν κ. Εἰσαγγελέα πρὸς περαιτέρω ἐνεργείας. Ἐκ τῆς ἀρμοδίας ὑπηρεσίας ἀνακοινοῦται ὅτι ἐλήφθησαν τὰ ἀναγκαῖα μέτρα καὶ ἡ ὑπόθεσις παρεπέμφθη εἰς τὸν κ. Εἰσαγγελέα πρὸς περαιτέρω ἐνεργείας.
ΑΦΗΡΕΣΑΝ ΕΙΣ ΑΣΙΑΣ 107.000 ΔΡΑΧΜ.
ΘΕΣΣΑΛΟΝΙΚΗ.— Ἐκ τῆς ἀρμοδίας ὑπηρεσίας ἀνακοινοῦται ὅτι ἐλήφθησαν τὰ ἀναγκαῖα μέτρα καὶ ἡ ὑπόθεσις παρεπέμφθη εἰς τὸν κ. Εἰσαγγελέα πρὸς περαιτέρω ἐνεργείας. Ἐκ τῆς ἀρμοδίας ὑπηρεσίας ἀνακοινοῦται ὅτι ἐλήφθησαν τὰ ἀναγκαῖα μέτρα καὶ ἡ ὑπόθεσις παρεπέμφθη εἰς τὸν κ. Εἰσαγγελέα πρὸς περαιτέρω ἐνεργείας.
ΦΡΟΝΤΙΣΤΗΡΙΑ ΚΑΙ ΣΧΟΛΑΙ
ΦΡΟΝΤΙΣΤΗΡΙΟΝ «ΠΥΘΑΓΟΡΑΣ»
Ἄρχεται ἡ λειτουργία καὶ τῶν ἄλλων τμημάτων. Τηλ. 72-418.
ΛΟΓΙΣΤΙΚΑ — ΓΡΑΦΟΜΗΧΑΝΑΙ
Ἀποφοιτήσαντα Λαιμᾶρι 146 Τηλ. 71-555.
ΥΠΟΨΗΦΙΟΙ Α' ΚΑΙ Β' ΤΥΠΟΥ
Νέα τμήματα κατὰ τὴν ὑψηλὴν διδασκαλίαν. Ἁγίας Σοφίας 43. Τηλ. 27-195.
ΥΠΟΨΗΦΙΟΙ ΛΥΚΕΙΟΥ
Φροντιστήριον «Πλάτων» εἰς λεπτομερείας.
ΑΚΑΔΗΜΙΑ ΦΡΟΝΤΙΣΤΗΡΙΟΝ
Ἐγγραφαὶ καθ' ἑκάστην. Τηλ. 28-317.
Φροντιστήριον ΔΕΛΗΓΙΑΝΝΗ
Αἴθουσα ἐργασίας. Ἁγίας Σοφίας 46. Τηλ. 79-819.
Διὰ τὸ Κύπελλον Κυπελλούχων Εὐρώπης
Ο «ΑΡΗΣ» ΗΤΤΗΘΗ ΕΙΣ ΤΕΛ ΑΒΙΒ ΜΕ 101-71 ΑΠΟ ΤΗΝ «ΜΑΚΑΜΠΗ»
Οἱ Ἰσραηλινοὶ ὑπῆρξαν καλύτεροι καὶ ἀνέλαβον τὴν πρωτοπορίαν εἰς τὸ σκὸρ ἐξ ἀρχῆς.- Πολλοὶ ἀπὸ τοὺς Θεσσαλονικεῖς ἀστέρησαν.- Καλύτερος ὁ Παρίσης.- Ὁ Νεστορίδης ἐδόθη εἰς τὸν «Βύζαντα» Μεγάρων.-
ΟΙ ΑΓΩΝΕΣ ΠΡΩΤΑΘΛΗΜΑΤΩΝ ΘΕΣΣΑΛΟΝΙΚΗΣ
Ἡ καλαθοσφαιρικὴ ὁμὰς τοῦ «Ἄρεως» ἠττήθη χθὲς εἰς Τὲλ Ἀβὶβ ὑπὸ τῆς «Μακαμπῆ» μὲ 101-71 (66-40) εἰς ἀγῶνα διὰ τὸ Κύπελλον Κυπελλούχων Εὐρώπης. Οἱ Ἰσραηλινοὶ ὑπῆρξαν καλύτεροι καθ' ὅλην τὴν διάρκειαν τοῦ ἀγῶνος καὶ ἐπέβαλον ἀπὸ τῆς ἀρχῆς τὸν ρυθμόν των.
Ἀπὸ τοὺς παίκτας τοῦ «Ἄρεως» καλύτερος ἀνεδείχθη ὁ Παρίσης, ἐνῷ ἀπεδείχθη ὅτι ἡ ἀπουσία τῶν τραυματιῶν ἐπηρέασε τὴν ἀπόδοσιν τῆς ὁμάδος. Ὁ ἀγὼν ἐξελίχθη εἰς κατάμεστον γήπεδον.
ΤΑ ΠΡΩΤΑΘΛΗΜΑΤΑ ΘΕΣΣΑΛΟΝΙΚΗΣ
Τὸ πρόγραμμα τῶν ἀγώνων πρωταθλημάτων Θεσσαλονίκης διὰ τὴν προσεχῆ Κυριακὴν ἔχει ὡς ἑξῆς: Γήπεδον Καυτατζογλείου, ὥρα 11 π.μ. Μακεδονικὸς — Ἀπόλλων Καλαμαριᾶς. Γήπεδον Συκεῶν, ὥρα 11 π.μ. Ἀγροτικὸς Ἀστὴρ — Ἀναγέννησις. Γήπεδον Τούμπας, ὥρα 2.30 μ.μ. Ἐθνικὸς — Ἀχιλλεύς.
«ΔΕΥΤΕΡΟΣ ΠΡΩΤΑΘΛΗΤΗΣ ΟΜΙΛΟΥ ΤΟΥ»
Ἡ ὁμὰς τοῦ Ἠρακλῆ κατέλαβε τὴν δευτέραν θέσιν εἰς τὴν βαθμολογίαν τοῦ ὁμίλου της μετὰ τὴν νίκην της ἐπὶ τοῦ Ἀπόλλωνος. Ἡ ἐπιτυχία αὐτὴ δίδει εἰς τὴν ὁμάδα τὸ δικαίωμα συμμετοχῆς εἰς τοὺς τελικοὺς ἀγῶνας.
ΣΥΝΕΔΡΙΑ Ε.Π.Σ.Θ.
Συνῆλθε χθὲς τὸ Διοικητικὸν Συμβούλιον τῆς Ἑνώσεως Ποδοσφαιρικῶν Σωματείων Θεσσαλονίκης καὶ ἀπεφάσισε τὴν τιμωρίαν παικτῶν οἱ ὁποῖοι ἀπεβλήθησαν κατὰ τοὺς τελευταίους ἀγῶνας. Ἐπίσης ἐνέκρινε τὸ πρόγραμμα τῶν ἀγώνων.
ΣΥΝΕΧΕΙΑΙ ΕΠΙΣΗΜ.—
Αἱ συνεχεῖαι τῶν ἐπισήμων ἀγώνων θὰ διεξαχθοῦν κατὰ τὸ καθορισθὲν πρόγραμμα, ὑπὸ τὴν ἐπίβλεψιν τῆς Ἐπιτροπῆς Διαιτησίας.
ΟΙ ΙΑΤΡΟΙ ΤΗΣ ΘΕΣΣΑΛΟΝΙΚΗΣ
Ὁ Ὀδοντίατρος Δρ. Π. ΚΟΤΣΙΛΟΣ
Ἐσωτ. ὡς Γρηγορίου 11. Κάτοικος, Ἀλεξάνδρου 5. Τηλ. 28-211.
Ὁ κ. ΔΗΜΗΤΡΙΟΣ Γ. ΓΑΡΥΦΑΛΛΟΣ
Παθολόγος — Καρδιολόγος. Τηλ. 26-112.
Ὁ ὀφθαλμίατρος κ. ΠΑΝΑΓΙΩΤΟΠΟΥΛΟΣ
Ἰατρεῖον Τσιμισκῆ 24. Τηλ. 70-096.
ΓΕΩΡΓΙΟΣ Κ. ΣΙΣΜΑΝΗΣ
ΙΑΤΡΟΣ ΚΑΡΔΙΟΛΟΓΟΣ. Τηλ. 73-902.
ΔΡ ΝΙΚΟΛΑΟΣ ΓΚΑΝΝΟΣ
ΔΕΡΜΑΤΟΛΟΓΟΣ ΑΦΡΟΔΙΣΙΟΛΟΓΟΣ. Τηλ. 29-017.
ΔΗΜΟΣΘΕΝΗΣ Κ. ΕΞΑΡΧΟΣ
ΜΑΙΕΥΤΗΡ — ΓΥΝΑΙΚΟΛΟΓΟΣ. Τηλ. 74-014.
ΑΝΤΩΝΙΟΣ ΚΑΡΑΒΑΝΑΚΗΣ
ΙΑΤΡΟΣ. Ἐτσιλίου 8. Τηλ. 72-426.
ΜΗΝΑΣ Ι. ΠΕΡΓΗΣ
ΩΤΟΡΙΝΟΛΑΡΥΓΓΟΛΟΓΟΣ. Τηλ. 22-505.
ΒΑΣΙΛΕΙΟΣ Δ. ΜΑΛΑΚΙΔΗΣ
ΚΑΡΔΙΟΛΟΓΟΣ. Τηλ. 23-023.
ΔΡ ΔΙΜ. Γ. ΣΙΜΟΣ
ΩΤΟΡΙΝΟΛΑΡΥΓΓΟΛΟΓΟΣ. Τηλ. 79-683.
ΑΠΟΣΤΟΛΟΣ ΦΑΣΙΑΝΟΣ
ΠΑΘΟΛΟΓΟΣ. Τηλ. 27-112.
ΜΙΧΑΗΛ Α. ΧΑΤΖΟΥΔΗΣ
ΧΕΙΡΟΥΡΓΟΣ — ΓΥΝΑΙΚΟΛΟΓΟΣ. Τηλ. 75-250.
ΑΠΟΣΤΟΛΟΣ ΒΟΖΙΚΗΣ
ΓΥΝΑΙΚΟΛΟΓΟΣ — ΧΕΙΡΟΥΡΓΟΣ. Τηλ. 71-900.
ΙΩΑΝΝΗΣ ΔΡ. ΚΕΧΑΓΙΑΣ
ΔΕΡΜΑΤΟΛΟΓΟΣ — ΑΦΡΟΔΙΣΙΟΛΟΓΟΣ. Τηλ. 28-910.
ΣΤΑΥΡΟΣ ΛΑΖΑΡΙΔΗΣ
ΜΑΙΕΥΤΗΡ ΧΕΙΡΟΥΡΓΟΣ ΓΥΝΑΙΚΟΛΟΓΟΣ. Τηλ. 27-028.
ΒΑΚΟΥΡΑ - ΓΑΛΑΞΙΑΣ
— ΤΗΝ ΔΕΥΤΕΡΑΝ —
ΕΝΑ ΦΕΡΕΤΡΟ ΓΙΑ ΤΟΝ ΣΕΡΙΦΗ
ΕΝΑ ΓΟΥΕΣΤΕΡΝ ΚΕΡΑΥΝΟΣ
Παρὰ σοβαρᾶς βιομηχανικῆς Α.Ε.
ΖΗΤΕΙΤΑΙ
διὰ τὸ ἐν Θεσσαλονίκῃ ἐργοστάσιον της ἠλεκτρολόγος Γ' εἰδικότητος. Πληροφορίαι προσωπικῆς διαφημίσεως «ΗΛΙΟΣ», Ἀριστοτέλους 7, ὧραι 1—2 μ.
